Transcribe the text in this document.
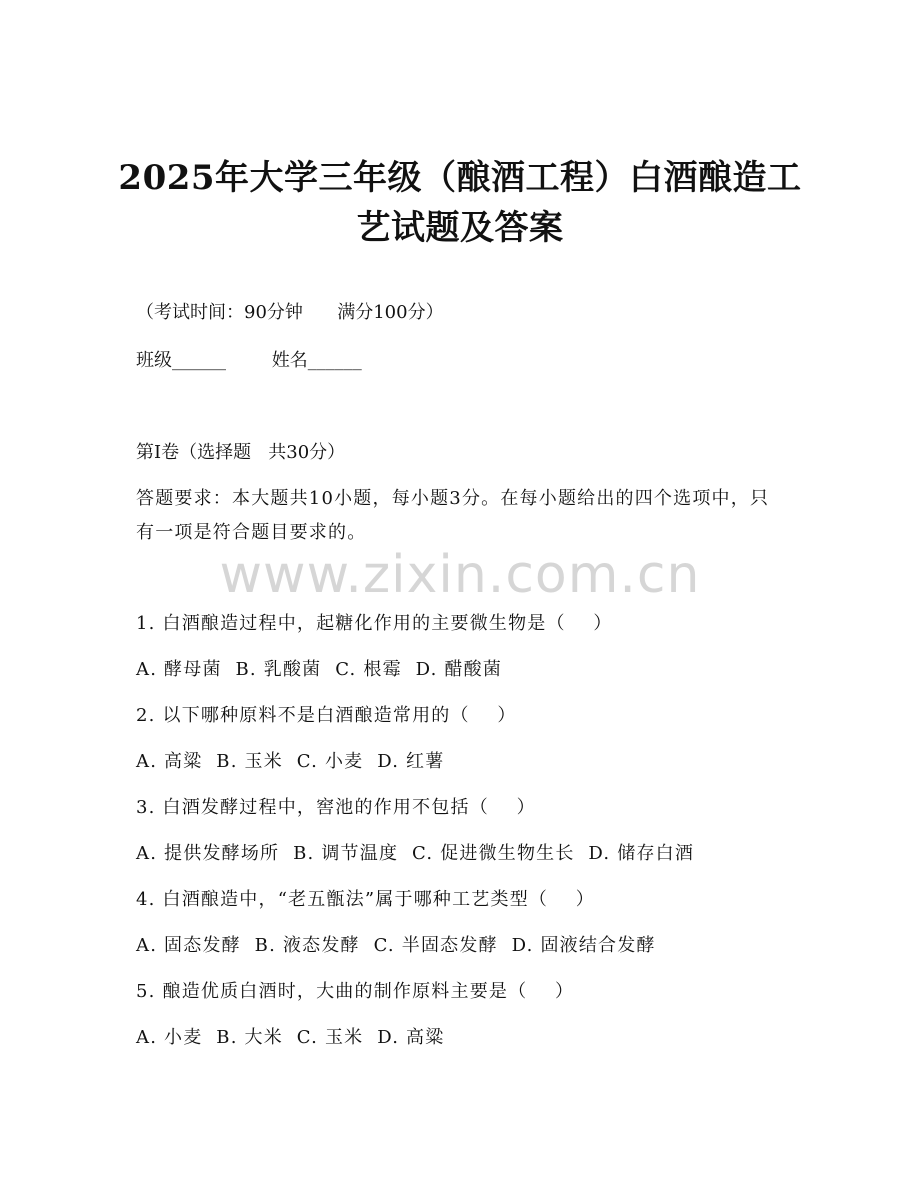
2025年大学三年级（酿酒工程）白酒酿造工
艺试题及答案
（考试时间：90分钟      满分100分）
班级______        姓名______
第I卷（选择题   共30分）
答题要求：本大题共10小题，每小题3分。在每小题给出的四个选项中，只有一项是符合题目要求的。
www.zixin.com.cn
1. 白酒酿造过程中，起糖化作用的主要微生物是（    ）
A. 酵母菌  B. 乳酸菌  C. 根霉  D. 醋酸菌
2. 以下哪种原料不是白酒酿造常用的（    ）
A. 高粱  B. 玉米  C. 小麦  D. 红薯
3. 白酒发酵过程中，窖池的作用不包括（    ）
A. 提供发酵场所  B. 调节温度  C. 促进微生物生长  D. 储存白酒
4. 白酒酿造中，“老五甑法”属于哪种工艺类型（    ）
A. 固态发酵  B. 液态发酵  C. 半固态发酵  D. 固液结合发酵
5. 酿造优质白酒时，大曲的制作原料主要是（    ）
A. 小麦  B. 大米  C. 玉米  D. 高粱
